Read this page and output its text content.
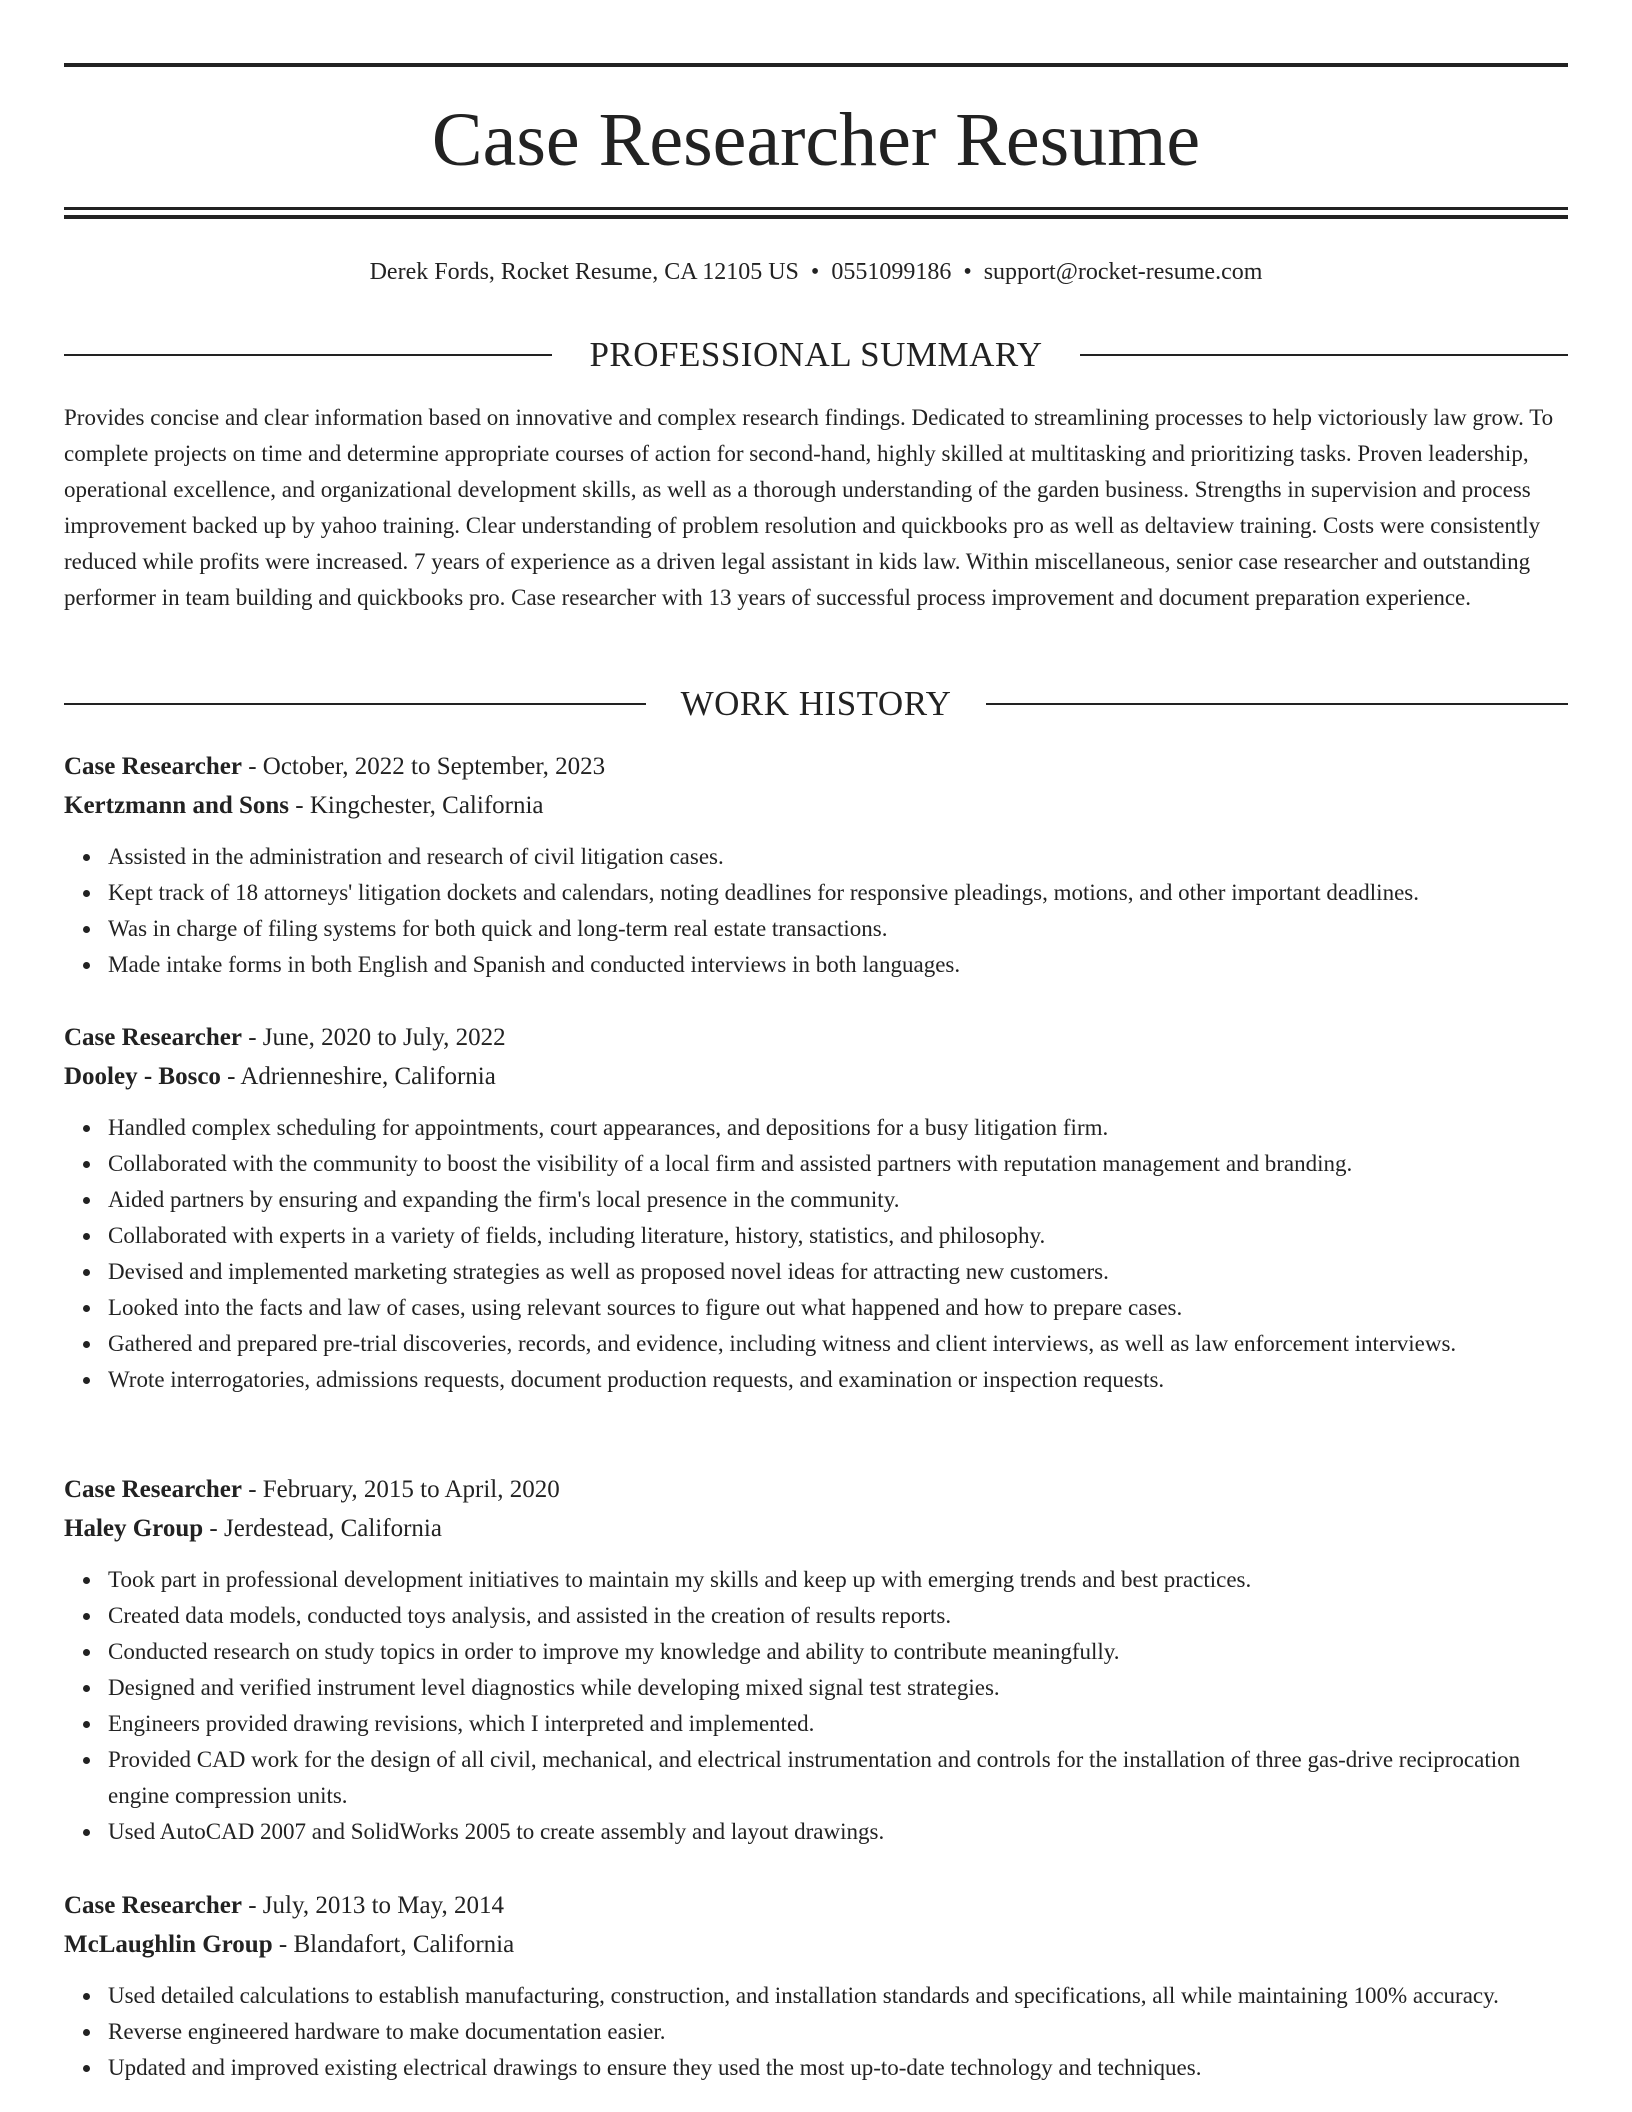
Case Researcher Resume
Derek Fords, Rocket Resume, CA 12105 US • 0551099186 • support@rocket-resume.com
PROFESSIONAL SUMMARY

Provides concise and clear information based on innovative and complex research findings. Dedicated to streamlining processes to help victoriously law grow. To complete projects on time and determine appropriate courses of action for second-hand, highly skilled at multitasking and prioritizing tasks. Proven leadership, operational excellence, and organizational development skills, as well as a thorough understanding of the garden business. Strengths in supervision and process improvement backed up by yahoo training. Clear understanding of problem resolution and quickbooks pro as well as deltaview training. Costs were consistently reduced while profits were increased. 7 years of experience as a driven legal assistant in kids law. Within miscellaneous, senior case researcher and outstanding performer in team building and quickbooks pro. Case researcher with 13 years of successful process improvement and document preparation experience.

WORK HISTORY
Case Researcher - October, 2022 to September, 2023
Kertzmann and Sons - Kingchester, California
Assisted in the administration and research of civil litigation cases.
Kept track of 18 attorneys' litigation dockets and calendars, noting deadlines for responsive pleadings, motions, and other important deadlines.
Was in charge of filing systems for both quick and long-term real estate transactions.
Made intake forms in both English and Spanish and conducted interviews in both languages.
Case Researcher - June, 2020 to July, 2022
Dooley - Bosco - Adrienneshire, California
Handled complex scheduling for appointments, court appearances, and depositions for a busy litigation firm.
Collaborated with the community to boost the visibility of a local firm and assisted partners with reputation management and branding.
Aided partners by ensuring and expanding the firm's local presence in the community.
Collaborated with experts in a variety of fields, including literature, history, statistics, and philosophy.
Devised and implemented marketing strategies as well as proposed novel ideas for attracting new customers.
Looked into the facts and law of cases, using relevant sources to figure out what happened and how to prepare cases.
Gathered and prepared pre-trial discoveries, records, and evidence, including witness and client interviews, as well as law enforcement interviews.
Wrote interrogatories, admissions requests, document production requests, and examination or inspection requests.
Case Researcher - February, 2015 to April, 2020
Haley Group - Jerdestead, California
Took part in professional development initiatives to maintain my skills and keep up with emerging trends and best practices.
Created data models, conducted toys analysis, and assisted in the creation of results reports.
Conducted research on study topics in order to improve my knowledge and ability to contribute meaningfully.
Designed and verified instrument level diagnostics while developing mixed signal test strategies.
Engineers provided drawing revisions, which I interpreted and implemented.
Provided CAD work for the design of all civil, mechanical, and electrical instrumentation and controls for the installation of three gas-drive reciprocation engine compression units.
Used AutoCAD 2007 and SolidWorks 2005 to create assembly and layout drawings.
Case Researcher - July, 2013 to May, 2014
McLaughlin Group - Blandafort, California
Used detailed calculations to establish manufacturing, construction, and installation standards and specifications, all while maintaining 100% accuracy.
Reverse engineered hardware to make documentation easier.
Updated and improved existing electrical drawings to ensure they used the most up-to-date technology and techniques.
